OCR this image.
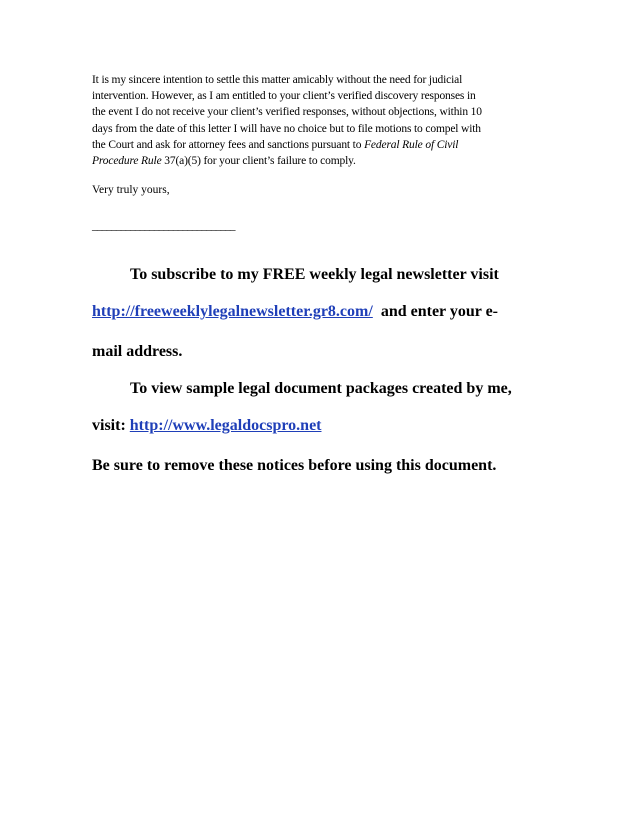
It is my sincere intention to settle this matter amicably without the need for judicial
intervention. However, as I am entitled to your client’s verified discovery responses in
the event I do not receive your client’s verified responses, without objections, within 10
days from the date of this letter I will have no choice but to file motions to compel with
the Court and ask for attorney fees and sanctions pursuant to Federal Rule of Civil
Procedure Rule 37(a)(5) for your client’s failure to comply.
Very truly yours,
______________________________
To subscribe to my FREE weekly legal newsletter visit
http://freeweeklylegalnewsletter.gr8.com/ and enter your e-
mail address.
To view sample legal document packages created by me,
visit: http://www.legaldocspro.net
Be sure to remove these notices before using this document.
